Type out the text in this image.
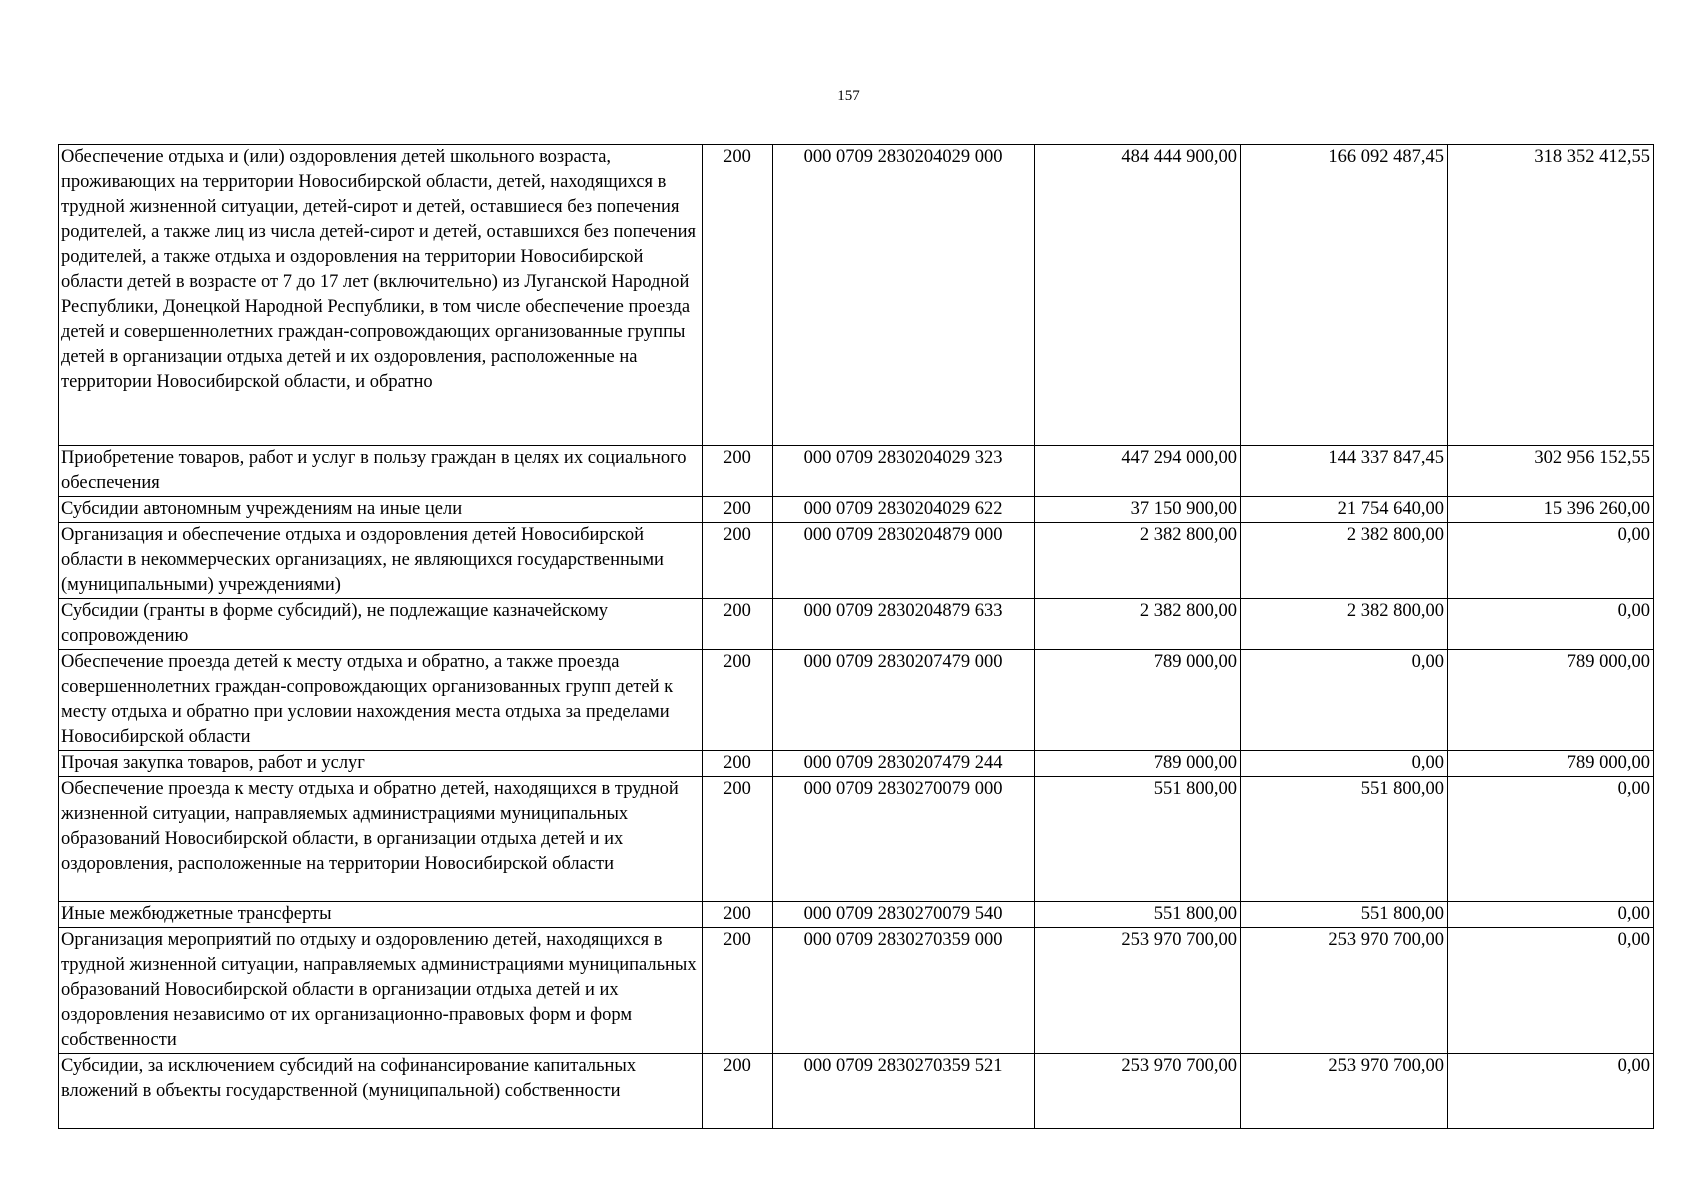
157
Обеспечение отдыха и (или) оздоровления детей школьного возраста, проживающих на территории Новосибирской области, детей, находящихся в трудной жизненной ситуации, детей-сирот и детей, оставшиеся без попечения родителей, а также лиц из числа детей-сирот и детей, оставшихся без попечения родителей, а также отдыха и оздоровления на территории Новосибирской области детей в возрасте от 7 до 17 лет (включительно) из Луганской Народной Республики, Донецкой Народной Республики, в том числе обеспечение проезда детей и совершеннолетних граждан-сопровождающих организованные группы детей в организации отдыха детей и их оздоровления, расположенные на территории Новосибирской области, и обратно	200	000 0709 2830204029 000	484 444 900,00	166 092 487,45	318 352 412,55
Приобретение товаров, работ и услуг в пользу граждан в целях их социального обеспечения	200	000 0709 2830204029 323	447 294 000,00	144 337 847,45	302 956 152,55
Субсидии автономным учреждениям на иные цели	200	000 0709 2830204029 622	37 150 900,00	21 754 640,00	15 396 260,00
Организация и обеспечение отдыха и оздоровления детей Новосибирской области в некоммерческих организациях, не являющихся государственными (муниципальными) учреждениями)	200	000 0709 2830204879 000	2 382 800,00	2 382 800,00	0,00
Субсидии (гранты в форме субсидий), не подлежащие казначейскому сопровождению	200	000 0709 2830204879 633	2 382 800,00	2 382 800,00	0,00
Обеспечение проезда детей к месту отдыха и обратно, а также проезда совершеннолетних граждан-сопровождающих организованных групп детей к месту отдыха и обратно при условии нахождения места отдыха за пределами Новосибирской области	200	000 0709 2830207479 000	789 000,00	0,00	789 000,00
Прочая закупка товаров, работ и услуг	200	000 0709 2830207479 244	789 000,00	0,00	789 000,00
Обеспечение проезда к месту отдыха и обратно детей, находящихся в трудной жизненной ситуации, направляемых администрациями муниципальных образований Новосибирской области, в организации отдыха детей и их оздоровления, расположенные на территории Новосибирской области	200	000 0709 2830270079 000	551 800,00	551 800,00	0,00
Иные межбюджетные трансферты	200	000 0709 2830270079 540	551 800,00	551 800,00	0,00
Организация мероприятий по отдыху и оздоровлению детей, находящихся в трудной жизненной ситуации, направляемых администрациями муниципальных образований Новосибирской области в организации отдыха детей и их оздоровления независимо от их организационно-правовых форм и форм собственности	200	000 0709 2830270359 000	253 970 700,00	253 970 700,00	0,00
Субсидии, за исключением субсидий на софинансирование капитальных вложений в объекты государственной (муниципальной) собственности	200	000 0709 2830270359 521	253 970 700,00	253 970 700,00	0,00
